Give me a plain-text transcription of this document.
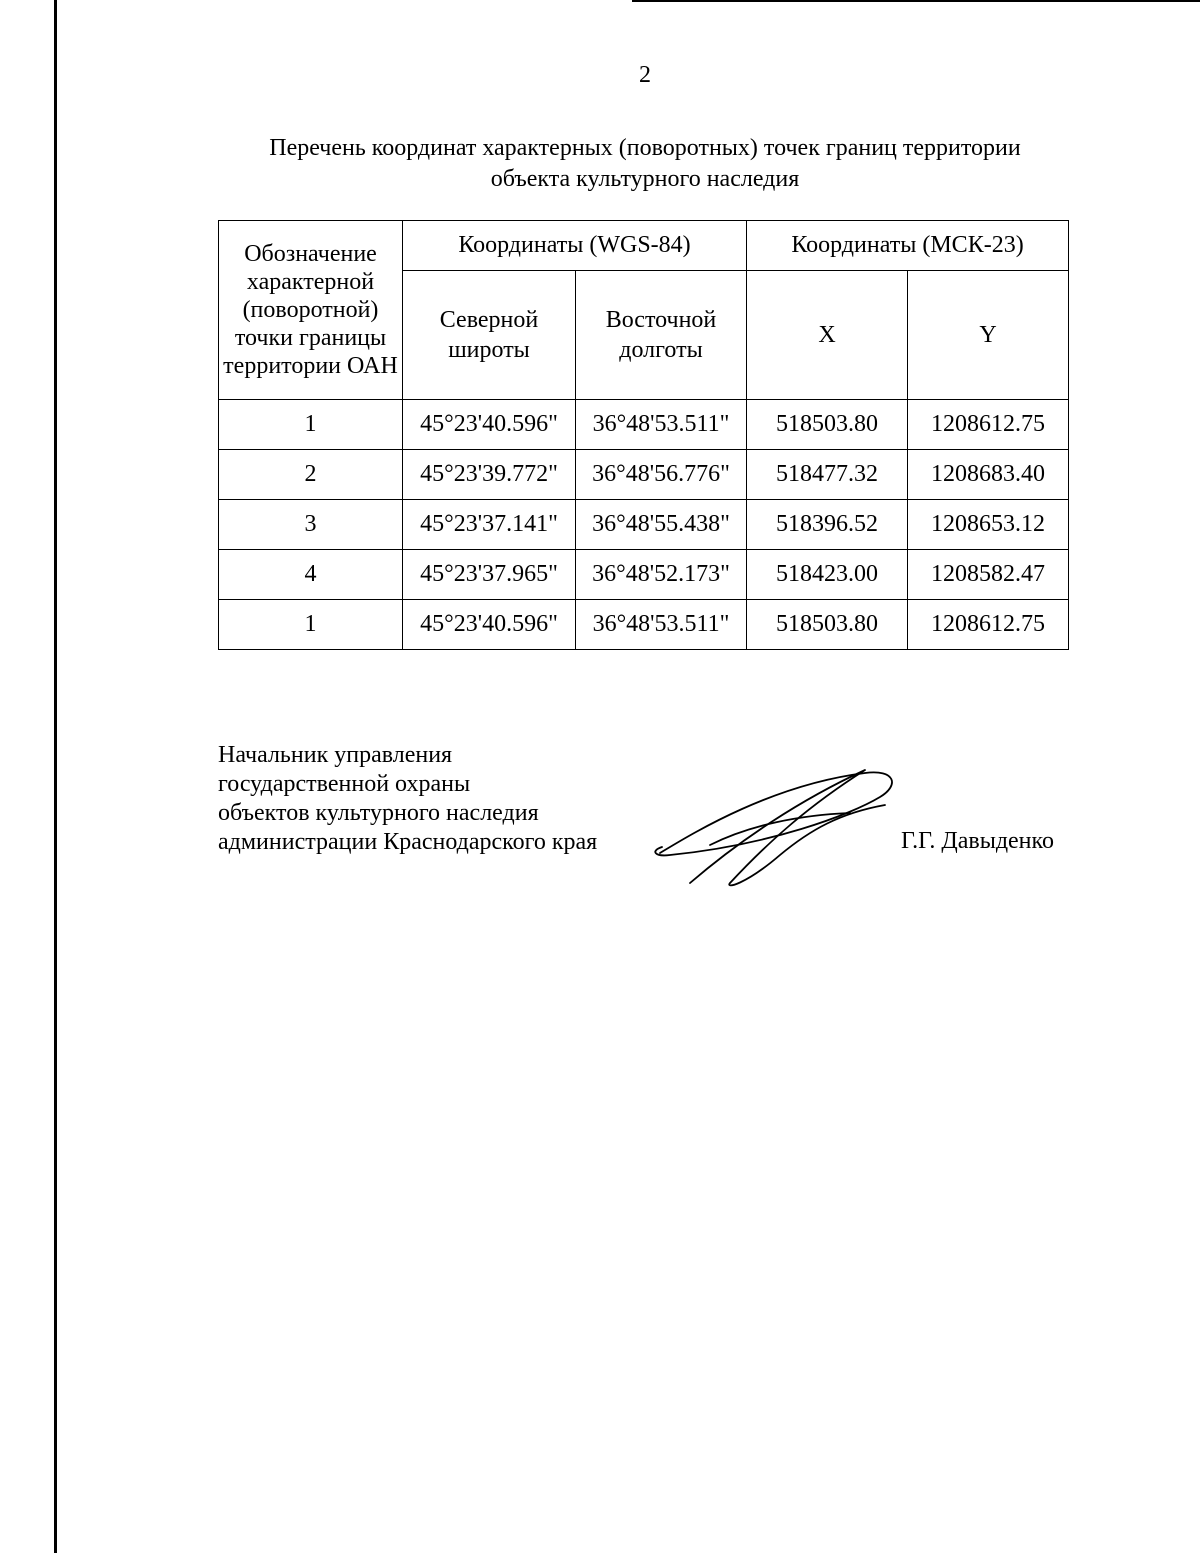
2
Перечень координат характерных (поворотных) точек границ территории
объекта культурного наследия
Обозначение характерной (поворотной) точки границы территории ОАН	Координаты (WGS-84)		Координаты (МСК-23)	
	Северной широты	Восточной долготы	X	Y
1	45°23'40.596"	36°48'53.511"	518503.80	1208612.75
2	45°23'39.772"	36°48'56.776"	518477.32	1208683.40
3	45°23'37.141"	36°48'55.438"	518396.52	1208653.12
4	45°23'37.965"	36°48'52.173"	518423.00	1208582.47
1	45°23'40.596"	36°48'53.511"	518503.80	1208612.75
Начальник управления
государственной охраны
объектов культурного наследия
администрации Краснодарского края	Г.Г. Давыденко
